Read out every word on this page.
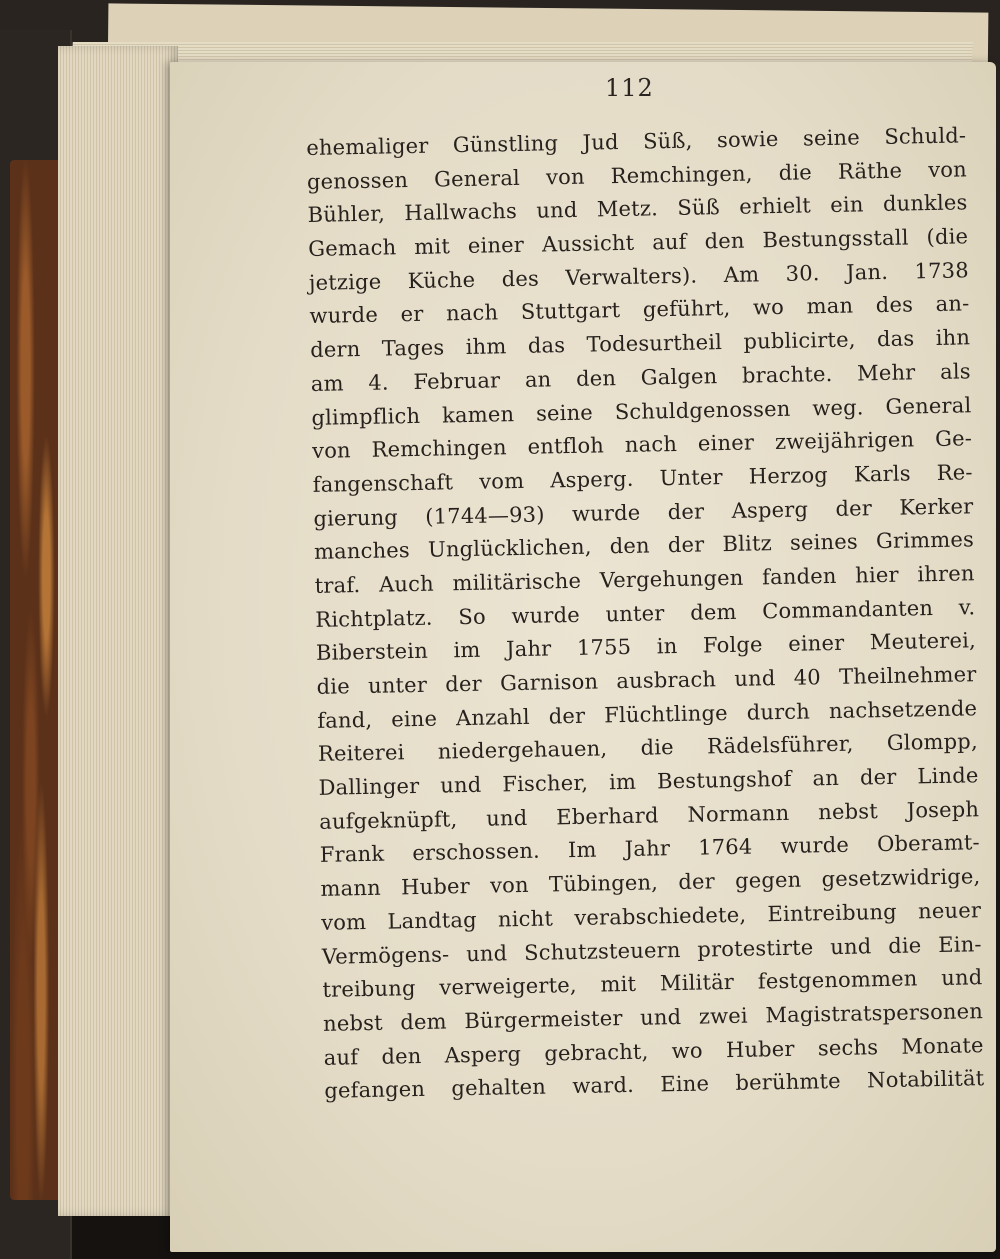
112
ehemaliger Günstling Jud Süß, sowie seine Schuld-
genossen General von Remchingen, die Räthe von
Bühler, Hallwachs und Metz. Süß erhielt ein dunkles
Gemach mit einer Aussicht auf den Bestungsstall (die
jetzige Küche des Verwalters). Am 30. Jan. 1738
wurde er nach Stuttgart geführt, wo man des an-
dern Tages ihm das Todesurtheil publicirte, das ihn
am 4. Februar an den Galgen brachte. Mehr als
glimpflich kamen seine Schuldgenossen weg. General
von Remchingen entfloh nach einer zweijährigen Ge-
fangenschaft vom Asperg. Unter Herzog Karls Re-
gierung (1744—93) wurde der Asperg der Kerker
manches Unglücklichen, den der Blitz seines Grimmes
traf. Auch militärische Vergehungen fanden hier ihren
Richtplatz. So wurde unter dem Commandanten v.
Biberstein im Jahr 1755 in Folge einer Meuterei,
die unter der Garnison ausbrach und 40 Theilnehmer
fand, eine Anzahl der Flüchtlinge durch nachsetzende
Reiterei niedergehauen, die Rädelsführer, Glompp,
Dallinger und Fischer, im Bestungshof an der Linde
aufgeknüpft, und Eberhard Normann nebst Joseph
Frank erschossen. Im Jahr 1764 wurde Oberamt-
mann Huber von Tübingen, der gegen gesetzwidrige,
vom Landtag nicht verabschiedete, Eintreibung neuer
Vermögens- und Schutzsteuern protestirte und die Ein-
treibung verweigerte, mit Militär festgenommen und
nebst dem Bürgermeister und zwei Magistratspersonen
auf den Asperg gebracht, wo Huber sechs Monate
gefangen gehalten ward. Eine berühmte Notabilität
